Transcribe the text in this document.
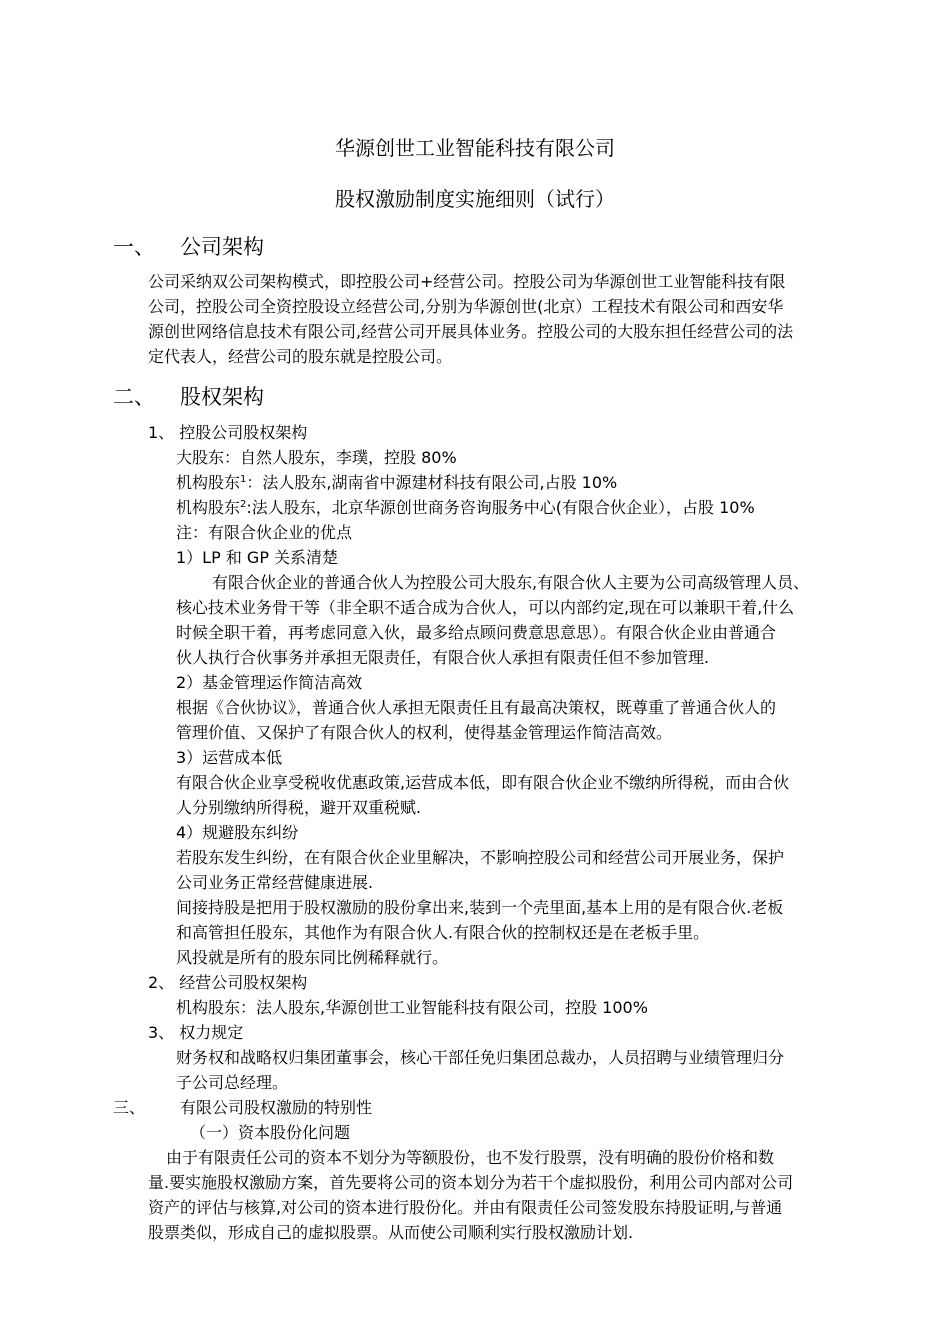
华源创世工业智能科技有限公司
股权激励制度实施细则（试行）
一、 公司架构
公司采纳双公司架构模式，即控股公司+经营公司。控股公司为华源创世工业智能科技有限
公司，控股公司全资控股设立经营公司,分别为华源创世(北京）工程技术有限公司和西安华
源创世网络信息技术有限公司,经营公司开展具体业务。控股公司的大股东担任经营公司的法
定代表人，经营公司的股东就是控股公司。
二、 股权架构
1、 控股公司股权架构
大股东：自然人股东，李璞，控股 80%
机构股东$^1$：法人股东,湖南省中源建材科技有限公司,占股 10%
机构股东$^2$:法人股东，北京华源创世商务咨询服务中心(有限合伙企业），占股 10%
注：有限合伙企业的优点
1）LP 和 GP 关系清楚
有限合伙企业的普通合伙人为控股公司大股东,有限合伙人主要为公司高级管理人员、
核心技术业务骨干等（非全职不适合成为合伙人，可以内部约定,现在可以兼职干着,什么
时候全职干着，再考虑同意入伙，最多给点顾问费意思意思）。有限合伙企业由普通合
伙人执行合伙事务并承担无限责任，有限合伙人承担有限责任但不参加管理.
2）基金管理运作简洁高效
根据《合伙协议》，普通合伙人承担无限责任且有最高决策权，既尊重了普通合伙人的
管理价值、又保护了有限合伙人的权利，使得基金管理运作简洁高效。
3）运营成本低
有限合伙企业享受税收优惠政策,运营成本低，即有限合伙企业不缴纳所得税，而由合伙
人分别缴纳所得税，避开双重税赋.
4）规避股东纠纷
若股东发生纠纷，在有限合伙企业里解决，不影响控股公司和经营公司开展业务，保护
公司业务正常经营健康进展.
间接持股是把用于股权激励的股份拿出来,装到一个壳里面,基本上用的是有限合伙.老板
和高管担任股东，其他作为有限合伙人.有限合伙的控制权还是在老板手里。
风投就是所有的股东同比例稀释就行。
2、 经营公司股权架构
机构股东：法人股东,华源创世工业智能科技有限公司，控股 100%
3、 权力规定
财务权和战略权归集团董事会，核心干部任免归集团总裁办，人员招聘与业绩管理归分
子公司总经理。
三、 有限公司股权激励的特别性
（一）资本股份化问题
由于有限责任公司的资本不划分为等额股份，也不发行股票，没有明确的股份价格和数
量.要实施股权激励方案，首先要将公司的资本划分为若干个虚拟股份，利用公司内部对公司
资产的评估与核算,对公司的资本进行股份化。并由有限责任公司签发股东持股证明,与普通
股票类似，形成自己的虚拟股票。从而使公司顺利实行股权激励计划.
